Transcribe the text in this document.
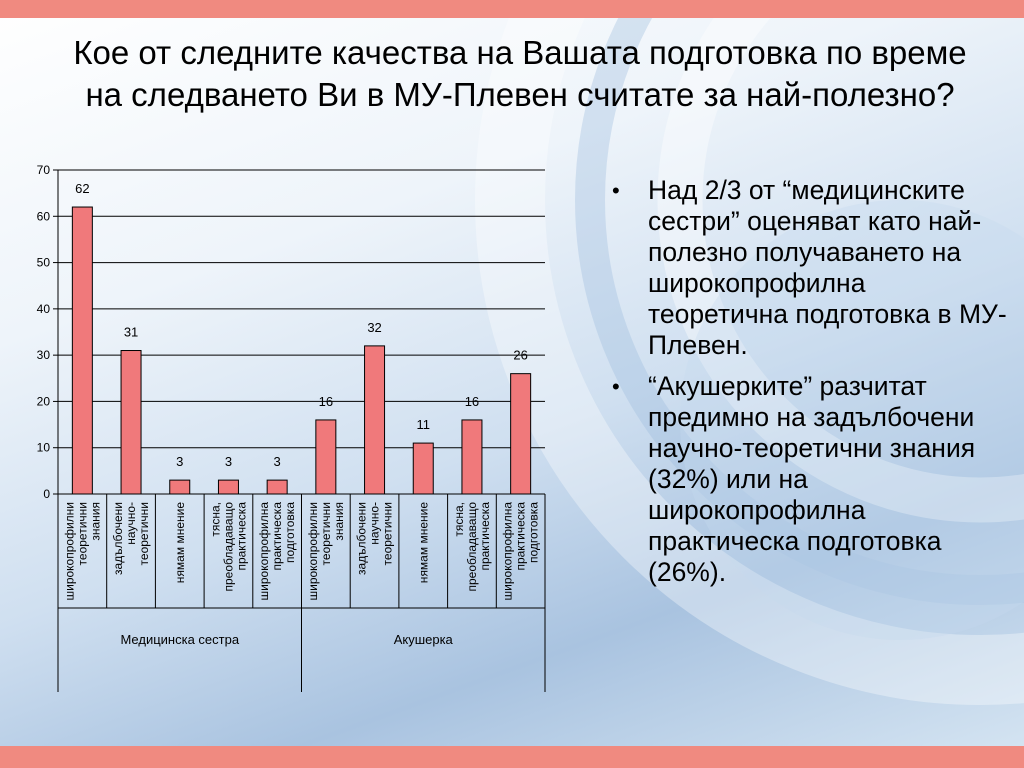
Кое от следните качества на Вашата подготовка по време на следването Ви в МУ-Плевен считате за най-полезно?
0
10
20
30
40
50
60
70
62
широкопрофилни теоретични знания
31
задълбочени научно- теоретични
3
нямам мнение
3
тясна, преобладаващо практическа
3
широкопрофилна практическа подготовка
16
широкопрофилни теоретични знания
32
задълбочени научно- теоретични
11
нямам мнение
16
тясна, преобладаващо практическа
26
широкопрофилна практическа подготовка
Медицинска сестра	Акушерка
• Над 2/3 от “медицинските сестри” оценяват като най-полезно получаването на широкопрофилна теоретична подготовка в МУ-Плевен.
• “Акушерките” разчитат предимно на задълбочени научно-теоретични знания (32%) или на широкопрофилна практическа подготовка (26%).
